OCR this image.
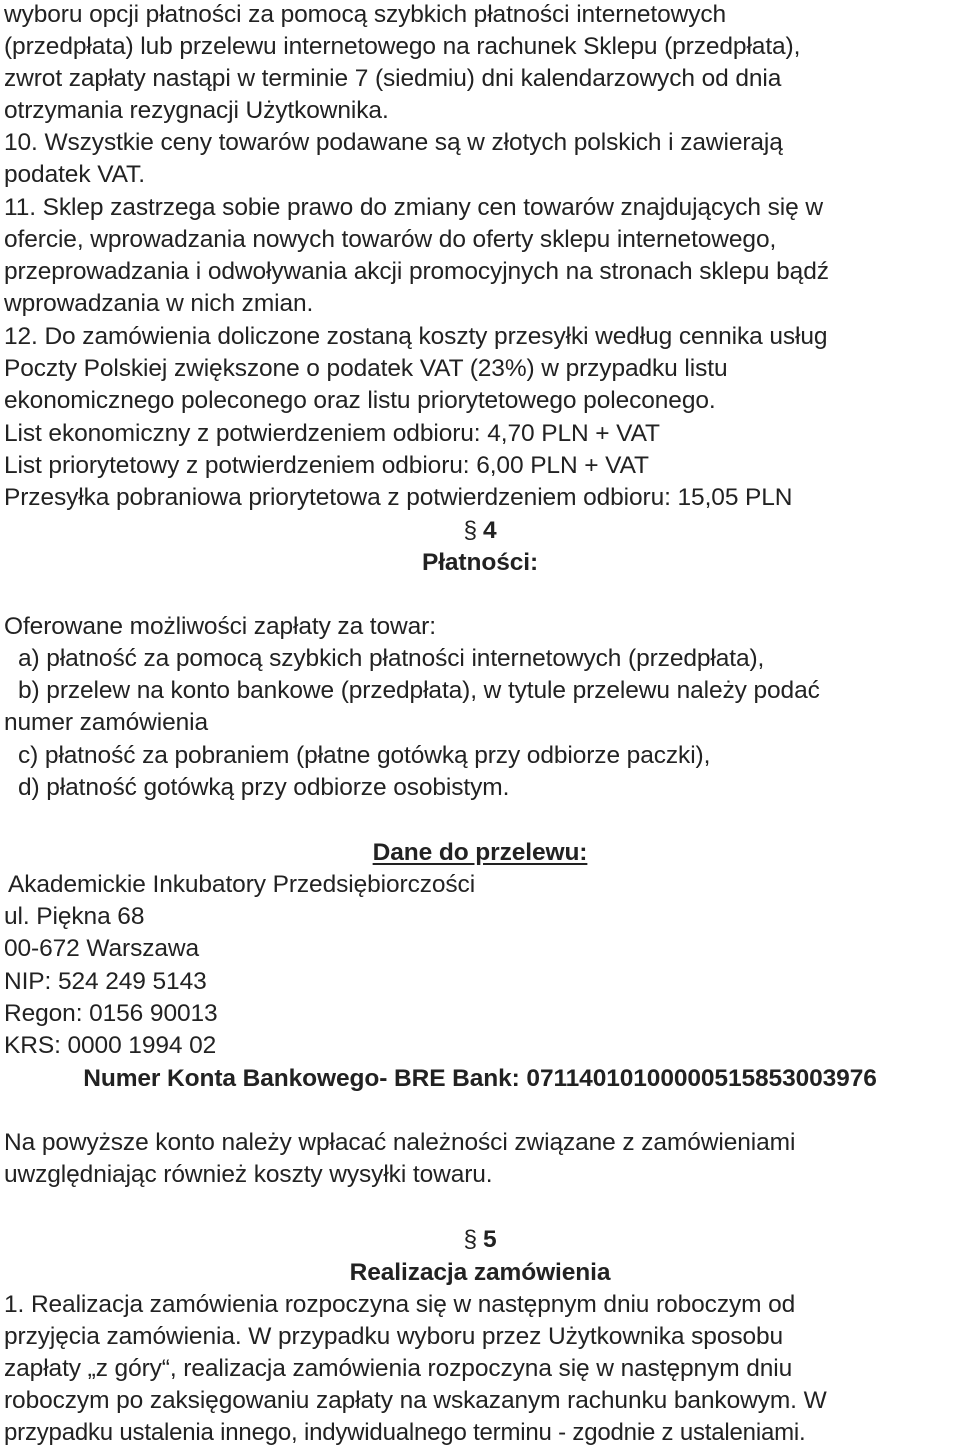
wyboru opcji płatności za pomocą szybkich płatności internetowych
(przedpłata) lub przelewu internetowego na rachunek Sklepu (przedpłata),
zwrot zapłaty nastąpi w terminie 7 (siedmiu) dni kalendarzowych od dnia
otrzymania rezygnacji Użytkownika.
10. Wszystkie ceny towarów podawane są w złotych polskich i zawierają
podatek VAT.
11. Sklep zastrzega sobie prawo do zmiany cen towarów znajdujących się w
ofercie, wprowadzania nowych towarów do oferty sklepu internetowego,
przeprowadzania i odwoływania akcji promocyjnych na stronach sklepu bądź
wprowadzania w nich zmian.
12. Do zamówienia doliczone zostaną koszty przesyłki według cennika usług
Poczty Polskiej zwiększone o podatek VAT (23%) w przypadku listu
ekonomicznego poleconego oraz listu priorytetowego poleconego.
List ekonomiczny z potwierdzeniem odbioru: 4,70 PLN + VAT
List priorytetowy z potwierdzeniem odbioru: 6,00 PLN + VAT
Przesyłka pobraniowa priorytetowa z potwierdzeniem odbioru: 15,05 PLN
§ 4
Płatności:
Oferowane możliwości zapłaty za towar:
a) płatność za pomocą szybkich płatności internetowych (przedpłata),
b) przelew na konto bankowe (przedpłata), w tytule przelewu należy podać
numer zamówienia
c) płatność za pobraniem (płatne gotówką przy odbiorze paczki),
d) płatność gotówką przy odbiorze osobistym.
Dane do przelewu:
Akademickie Inkubatory Przedsiębiorczości
ul. Piękna 68
00-672 Warszawa
NIP: 524 249 5143
Regon: 0156 90013
KRS: 0000 1994 02
Numer Konta Bankowego- BRE Bank: 07114010100000515853003976
Na powyższe konto należy wpłacać należności związane z zamówieniami
uwzględniając również koszty wysyłki towaru.
§ 5
Realizacja zamówienia
1. Realizacja zamówienia rozpoczyna się w następnym dniu roboczym od
przyjęcia zamówienia. W przypadku wyboru przez Użytkownika sposobu
zapłaty „z góry“, realizacja zamówienia rozpoczyna się w następnym dniu
roboczym po zaksięgowaniu zapłaty na wskazanym rachunku bankowym. W
przypadku ustalenia innego, indywidualnego terminu - zgodnie z ustaleniami.
